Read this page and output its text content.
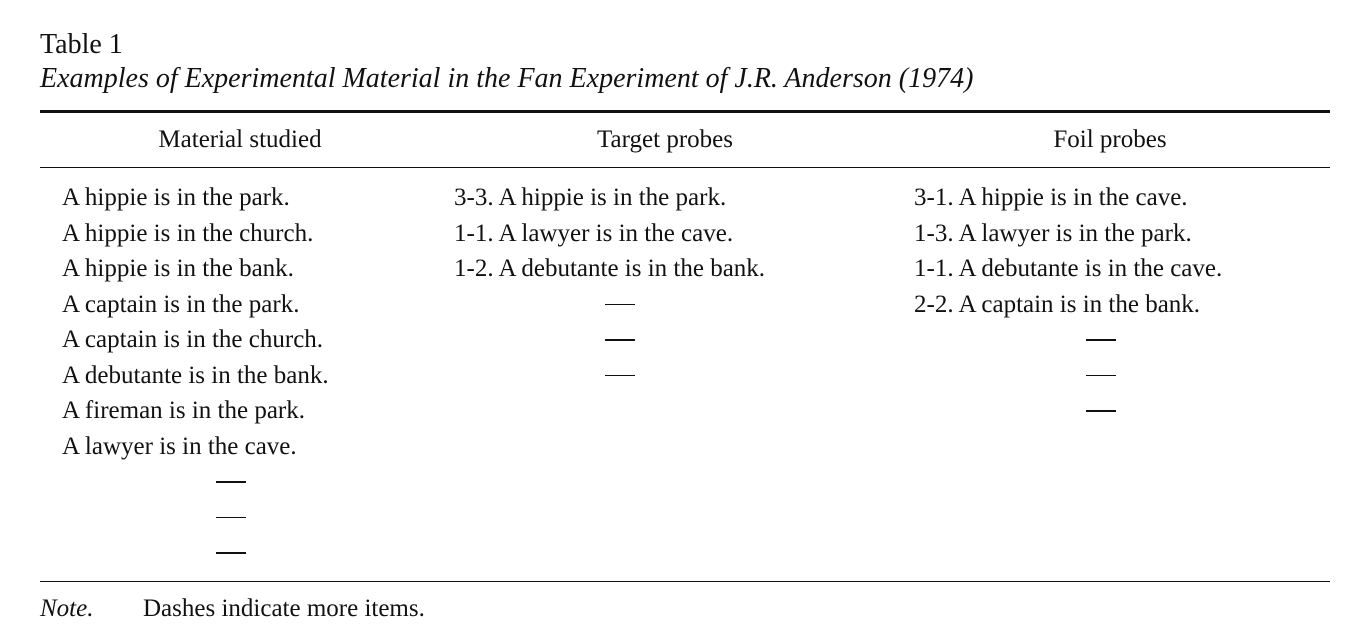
Table 1
Examples of Experimental Material in the Fan Experiment of J.R. Anderson (1974)
Material studied	Target probes	Foil probes
A hippie is in the park.
A hippie is in the church.
A hippie is in the bank.
A captain is in the park.
A captain is in the church.
A debutante is in the bank.
A fireman is in the park.
A lawyer is in the cave.
3-3. A hippie is in the park.
1-1. A lawyer is in the cave.
1-2. A debutante is in the bank.
3-1. A hippie is in the cave.
1-3. A lawyer is in the park.
1-1. A debutante is in the cave.
2-2. A captain is in the bank.
Note. Dashes indicate more items.
